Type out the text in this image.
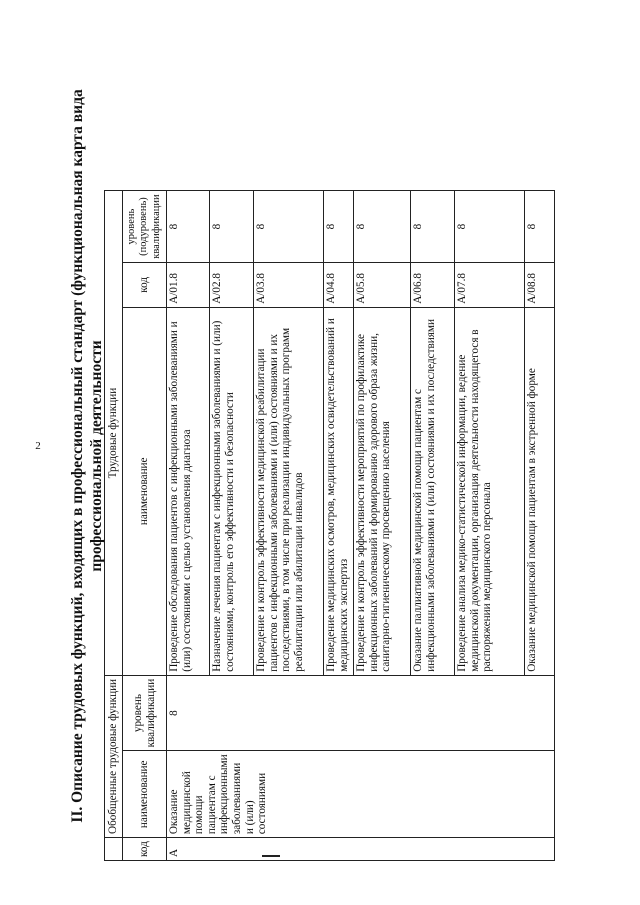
2	II. Описание трудовых функций, входящих в профессиональный стандарт (функциональная карта вида профессиональной деятельности
	Обобщенные трудовые функции		Трудовые функции		
код	наименование	уровень квалификации	наименование	код	уровень (подуровень) квалификации
A	Оказание медицинской помощи пациентам с инфекционными заболеваниями и (или) состояниями	8	Проведение обследования пациентов с инфекционными заболеваниями и (или) состояниями с целью установления диагноза	A/01.8	8
			Назначение лечения пациентам с инфекционными заболеваниями и (или) состояниями, контроль его эффективности и безопасности	A/02.8	8
			Проведение и контроль эффективности медицинской реабилитации пациентов с инфекционными заболеваниями и (или) состояниями и их последствиями, в том числе при реализации индивидуальных программ реабилитации или абилитации инвалидов	A/03.8	8
			Проведение медицинских осмотров, медицинских освидетельствований и медицинских экспертиз	A/04.8	8
			Проведение и контроль эффективности мероприятий по профилактике инфекционных заболеваний и формированию здорового образа жизни, санитарно-гигиеническому просвещению населения	A/05.8	8
			Оказание паллиативной медицинской помощи пациентам с инфекционными заболеваниями и (или) состояниями и их последствиями	A/06.8	8
			Проведение анализа медико-статистической информации, ведение медицинской документации, организация деятельности находящегося в распоряжении медицинского персонала	A/07.8	8
			Оказание медицинской помощи пациентам в экстренной форме	A/08.8	8
